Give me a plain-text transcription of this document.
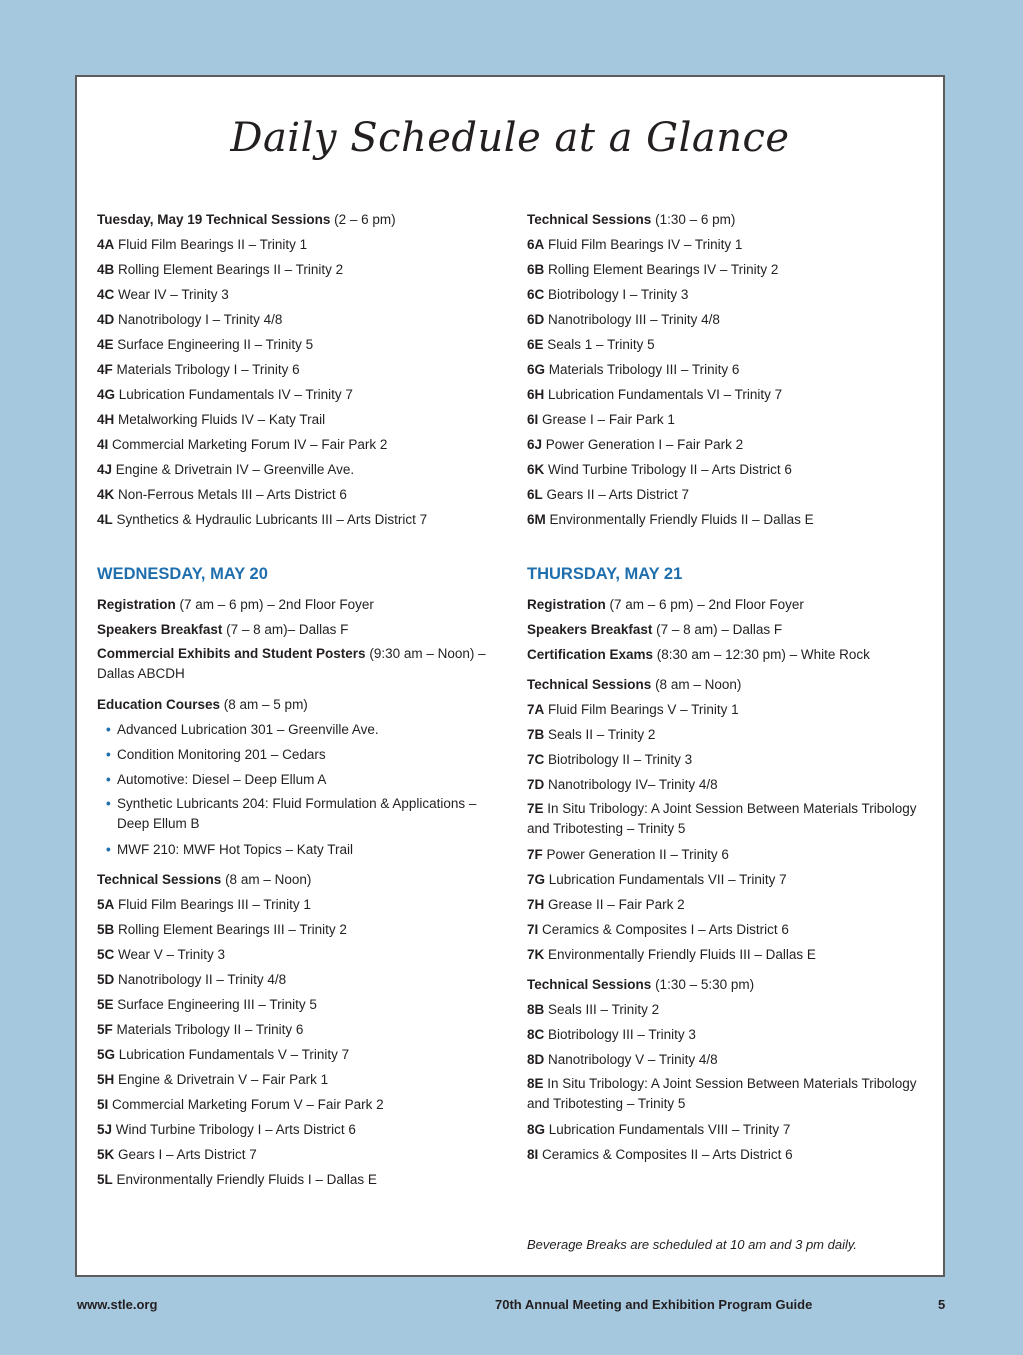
Daily Schedule at a Glance
Tuesday, May 19 Technical Sessions (2 – 6 pm)
4A Fluid Film Bearings II – Trinity 1
4B Rolling Element Bearings II – Trinity 2
4C Wear IV – Trinity 3
4D Nanotribology I – Trinity 4/8
4E Surface Engineering II – Trinity 5
4F Materials Tribology I – Trinity 6
4G Lubrication Fundamentals IV – Trinity 7
4H Metalworking Fluids IV – Katy Trail
4I Commercial Marketing Forum IV – Fair Park 2
4J Engine & Drivetrain IV – Greenville Ave.
4K Non-Ferrous Metals III – Arts District 6
4L Synthetics & Hydraulic Lubricants III – Arts District 7
WEDNESDAY, MAY 20
Registration (7 am – 6 pm) – 2nd Floor Foyer
Speakers Breakfast (7 – 8 am)– Dallas F
Commercial Exhibits and Student Posters (9:30 am – Noon) – Dallas ABCDH
Education Courses (8 am – 5 pm)
• Advanced Lubrication 301 – Greenville Ave.
• Condition Monitoring 201 – Cedars
• Automotive: Diesel – Deep Ellum A
• Synthetic Lubricants 204: Fluid Formulation & Applications – Deep Ellum B
• MWF 210: MWF Hot Topics – Katy Trail
Technical Sessions (8 am – Noon)
5A Fluid Film Bearings III – Trinity 1
5B Rolling Element Bearings III – Trinity 2
5C Wear V – Trinity 3
5D Nanotribology II – Trinity 4/8
5E Surface Engineering III – Trinity 5
5F Materials Tribology II – Trinity 6
5G Lubrication Fundamentals V – Trinity 7
5H Engine & Drivetrain V – Fair Park 1
5I Commercial Marketing Forum V – Fair Park 2
5J Wind Turbine Tribology I – Arts District 6
5K Gears I – Arts District 7
5L Environmentally Friendly Fluids I – Dallas E
Technical Sessions (1:30 – 6 pm)
6A Fluid Film Bearings IV – Trinity 1
6B Rolling Element Bearings IV – Trinity 2
6C Biotribology I – Trinity 3
6D Nanotribology III – Trinity 4/8
6E Seals 1 – Trinity 5
6G Materials Tribology III – Trinity 6
6H Lubrication Fundamentals VI – Trinity 7
6I Grease I – Fair Park 1
6J Power Generation I – Fair Park 2
6K Wind Turbine Tribology II – Arts District 6
6L Gears II – Arts District 7
6M Environmentally Friendly Fluids II – Dallas E
THURSDAY, MAY 21
Registration (7 am – 6 pm) – 2nd Floor Foyer
Speakers Breakfast (7 – 8 am) – Dallas F
Certification Exams (8:30 am – 12:30 pm) – White Rock
Technical Sessions (8 am – Noon)
7A Fluid Film Bearings V – Trinity 1
7B Seals II – Trinity 2
7C Biotribology II – Trinity 3
7D Nanotribology IV– Trinity 4/8
7E In Situ Tribology: A Joint Session Between Materials Tribology and Tribotesting – Trinity 5
7F Power Generation II – Trinity 6
7G Lubrication Fundamentals VII – Trinity 7
7H Grease II – Fair Park 2
7I Ceramics & Composites I – Arts District 6
7K Environmentally Friendly Fluids III – Dallas E
Technical Sessions (1:30 – 5:30 pm)
8B Seals III – Trinity 2
8C Biotribology III – Trinity 3
8D Nanotribology V – Trinity 4/8
8E In Situ Tribology: A Joint Session Between Materials Tribology and Tribotesting – Trinity 5
8G Lubrication Fundamentals VIII – Trinity 7
8I Ceramics & Composites II – Arts District 6
Beverage Breaks are scheduled at 10 am and 3 pm daily.
www.stle.org	70th Annual Meeting and Exhibition Program Guide	5
